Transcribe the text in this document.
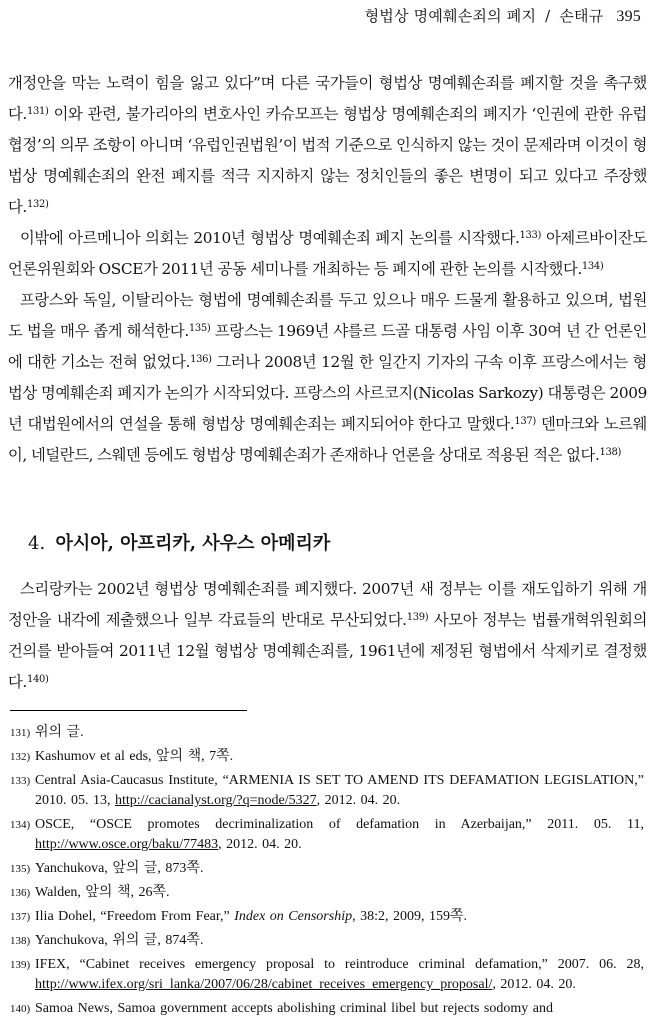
형법상 명예훼손죄의 폐지 / 손태규 395

개정안을 막는 노력이 힘을 잃고 있다”며 다른 국가들이 형법상 명예훼손죄를 폐지할 것을 촉구했다.$^{131)}$ 이와 관련, 불가리아의 변호사인 카슈모프는 형법상 명예훼손죄의 폐지가 ‘인권에 관한 유럽협정’의 의무 조항이 아니며 ‘유럽인권법원’이 법적 기준으로 인식하지 않는 것이 문제라며 이것이 형법상 명예훼손죄의 완전 폐지를 적극 지지하지 않는 정치인들의 좋은 변명이 되고 있다고 주장했다.$^{132)}$

이밖에 아르메니아 의회는 2010년 형법상 명예훼손죄 폐지 논의를 시작했다.$^{133)}$ 아제르바이잔도 언론위원회와 OSCE가 2011년 공동 세미나를 개최하는 등 폐지에 관한 논의를 시작했다.$^{134)}$

프랑스와 독일, 이탈리아는 형법에 명예훼손죄를 두고 있으나 매우 드물게 활용하고 있으며, 법원도 법을 매우 좁게 해석한다.$^{135)}$ 프랑스는 1969년 샤를르 드골 대통령 사임 이후 30여 년 간 언론인에 대한 기소는 전혀 없었다.$^{136)}$ 그러나 2008년 12월 한 일간지 기자의 구속 이후 프랑스에서는 형법상 명예훼손죄 폐지가 논의가 시작되었다. 프랑스의 사르코지(Nicolas Sarkozy) 대통령은 2009년 대법원에서의 연설을 통해 형법상 명예훼손죄는 폐지되어야 한다고 말했다.$^{137)}$ 덴마크와 노르웨이, 네덜란드, 스웨덴 등에도 형법상 명예훼손죄가 존재하나 언론을 상대로 적용된 적은 없다.$^{138)}$

4. 아시아, 아프리카, 사우스 아메리카

스리랑카는 2002년 형법상 명예훼손죄를 폐지했다. 2007년 새 정부는 이를 재도입하기 위해 개정안을 내각에 제출했으나 일부 각료들의 반대로 무산되었다.$^{139)}$ 사모아 정부는 법률개혁위원회의 건의를 받아들여 2011년 12월 형법상 명예훼손죄를, 1961년에 제정된 형법에서 삭제키로 결정했다.$^{140)}$

131) 위의 글.
132) Kashumov et al eds, 앞의 책, 7쪽.
133) Central Asia-Caucasus Institute, “ARMENIA IS SET TO AMEND ITS DEFAMATION LEGISLATION,” 2010. 05. 13, http://cacianalyst.org/?q=node/5327, 2012. 04. 20.
134) OSCE, “OSCE promotes decriminalization of defamation in Azerbaijan,” 2011. 05. 11, http://www.osce.org/baku/77483, 2012. 04. 20.
135) Yanchukova, 앞의 글, 873쪽.
136) Walden, 앞의 책, 26쪽.
137) Ilia Dohel, “Freedom From Fear,” Index on Censorship, 38:2, 2009, 159쪽.
138) Yanchukova, 위의 글, 874쪽.
139) IFEX, “Cabinet receives emergency proposal to reintroduce criminal defamation,” 2007. 06. 28, http://www.ifex.org/sri_lanka/2007/06/28/cabinet_receives_emergency_proposal/, 2012. 04. 20.
140) Samoa News, Samoa government accepts abolishing criminal libel but rejects sodomy and
